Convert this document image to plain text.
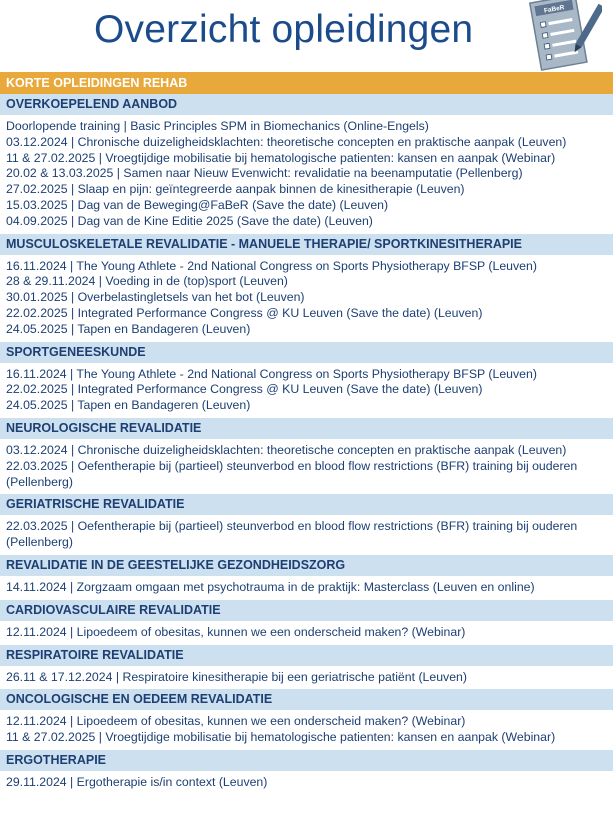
Overzicht opleidingen	FaBeR
KORTE OPLEIDINGEN REHAB
OVERKOEPELEND AANBOD
Doorlopende training | Basic Principles SPM in Biomechanics (Online-Engels)
03.12.2024 | Chronische duizeligheidsklachten: theoretische concepten en praktische aanpak (Leuven)
11 & 27.02.2025 | Vroegtijdige mobilisatie bij hematologische patienten: kansen en aanpak (Webinar)
20.02 & 13.03.2025 | Samen naar Nieuw Evenwicht: revalidatie na beenamputatie (Pellenberg)
27.02.2025 | Slaap en pijn: geïntegreerde aanpak binnen de kinesitherapie (Leuven)
15.03.2025 | Dag van de Beweging@FaBeR (Save the date) (Leuven)
04.09.2025 | Dag van de Kine Editie 2025 (Save the date) (Leuven)
MUSCULOSKELETALE REVALIDATIE - MANUELE THERAPIE/ SPORTKINESITHERAPIE
16.11.2024 | The Young Athlete - 2nd National Congress on Sports Physiotherapy BFSP (Leuven)
28 & 29.11.2024 | Voeding in de (top)sport (Leuven)
30.01.2025 | Overbelastingletsels van het bot (Leuven)
22.02.2025 | Integrated Performance Congress @ KU Leuven (Save the date) (Leuven)
24.05.2025 | Tapen en Bandageren (Leuven)
SPORTGENEESKUNDE
16.11.2024 | The Young Athlete - 2nd National Congress on Sports Physiotherapy BFSP (Leuven)
22.02.2025 | Integrated Performance Congress @ KU Leuven (Save the date) (Leuven)
24.05.2025 | Tapen en Bandageren (Leuven)
NEUROLOGISCHE REVALIDATIE
03.12.2024 | Chronische duizeligheidsklachten: theoretische concepten en praktische aanpak (Leuven)
22.03.2025 | Oefentherapie bij (partieel) steunverbod en blood flow restrictions (BFR) training bij ouderen (Pellenberg)
GERIATRISCHE REVALIDATIE
22.03.2025 | Oefentherapie bij (partieel) steunverbod en blood flow restrictions (BFR) training bij ouderen (Pellenberg)
REVALIDATIE IN DE GEESTELIJKE GEZONDHEIDSZORG
14.11.2024 | Zorgzaam omgaan met psychotrauma in de praktijk: Masterclass (Leuven en online)
CARDIOVASCULAIRE REVALIDATIE
12.11.2024 | Lipoedeem of obesitas, kunnen we een onderscheid maken? (Webinar)
RESPIRATOIRE REVALIDATIE
26.11 & 17.12.2024 | Respiratoire kinesitherapie bij een geriatrische patiënt (Leuven)
ONCOLOGISCHE EN OEDEEM REVALIDATIE
12.11.2024 | Lipoedeem of obesitas, kunnen we een onderscheid maken? (Webinar)
11 & 27.02.2025 | Vroegtijdige mobilisatie bij hematologische patienten: kansen en aanpak (Webinar)
ERGOTHERAPIE
29.11.2024 | Ergotherapie is/in context (Leuven)
